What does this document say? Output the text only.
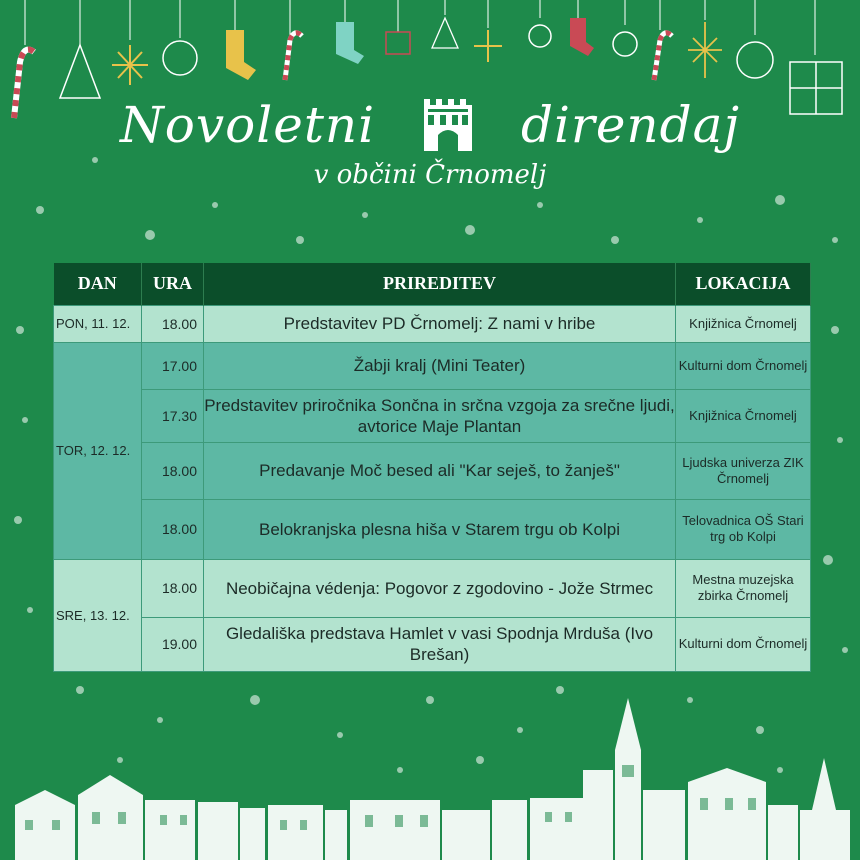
Novoletni	direndaj
v občini Črnomelj
DAN	URA	PRIREDITEV	LOKACIJA
PON, 11. 12.	18.00	Predstavitev PD Črnomelj: Z nami v hribe	Knjižnica Črnomelj
TOR, 12. 12.	17.00	Žabji kralj (Mini Teater)	Kulturni dom Črnomelj
	17.30	Predstavitev priročnika Sončna in srčna vzgoja za srečne ljudi, avtorice Maje Plantan	Knjižnica Črnomelj
	18.00	Predavanje Moč besed ali "Kar seješ, to žanješ"	Ljudska univerza ZIK Črnomelj
	18.00	Belokranjska plesna hiša v Starem trgu ob Kolpi	Telovadnica OŠ Stari trg ob Kolpi
SRE, 13. 12.	18.00	Neobičajna védenja: Pogovor z zgodovino - Jože Strmec	Mestna muzejska zbirka Črnomelj
	19.00	Gledališka predstava Hamlet v vasi Spodnja Mrduša (Ivo Brešan)	Kulturni dom Črnomelj
